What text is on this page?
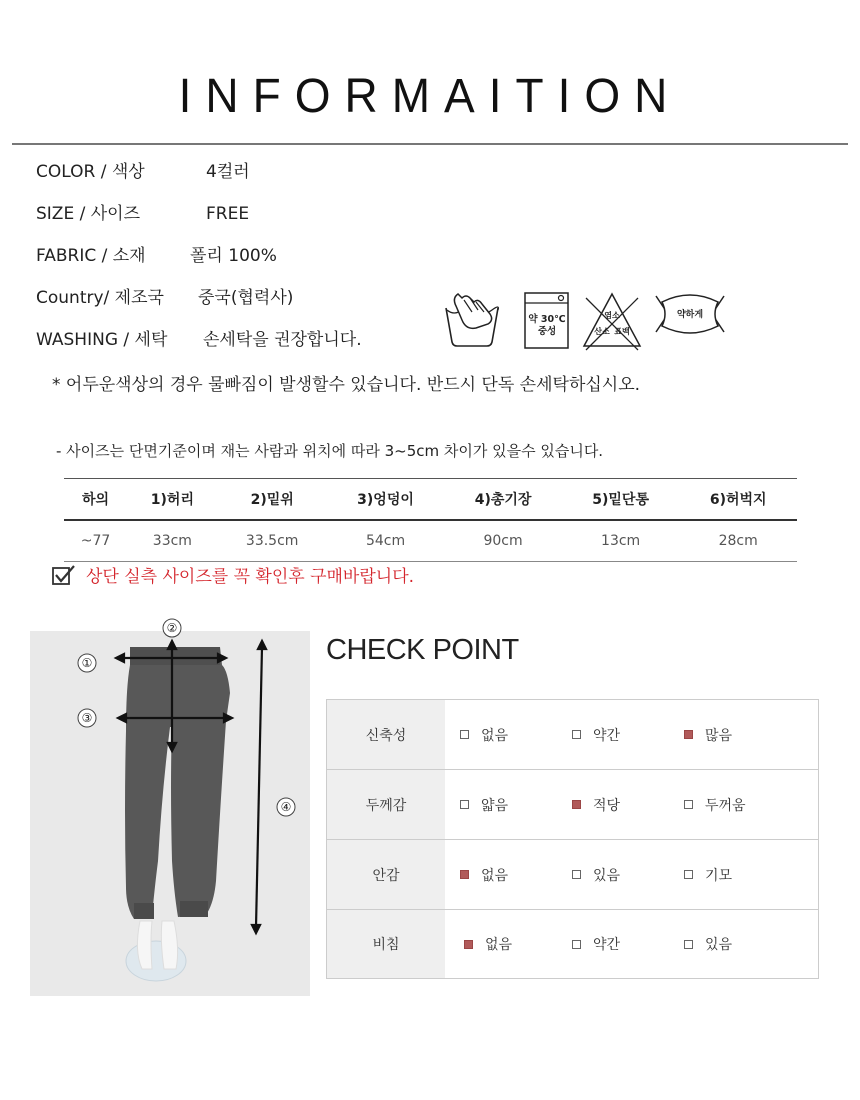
INFORMAITION
COLOR / 색상	4컬러
SIZE / 사이즈	FREE
FABRIC / 소재	폴리 100%
Country/ 제조국 중국(협력사)
WASHING / 세탁 손세탁을 권장합니다.
약 30℃
중성
염소
산소 표백
약하게
* 어두운색상의 경우 물빠짐이 발생할수 있습니다. 반드시 단독 손세탁하십시오.
- 사이즈는 단면기준이며 재는 사람과 위치에 따라 3~5cm 차이가 있을수 있습니다.
하의	1)허리	2)밑위	3)엉덩이	4)총기장	5)밑단통	6)허벅지
~77	33cm	33.5cm	54cm	90cm	13cm	28cm
상단 실측 사이즈를 꼭 확인후 구매바랍니다.
①
③
④
②
CHECK POINT
신축성	없음	약간	많음
두께감	얇음	적당	두꺼움
안감	없음	있음	기모
비침	없음	약간	있음
